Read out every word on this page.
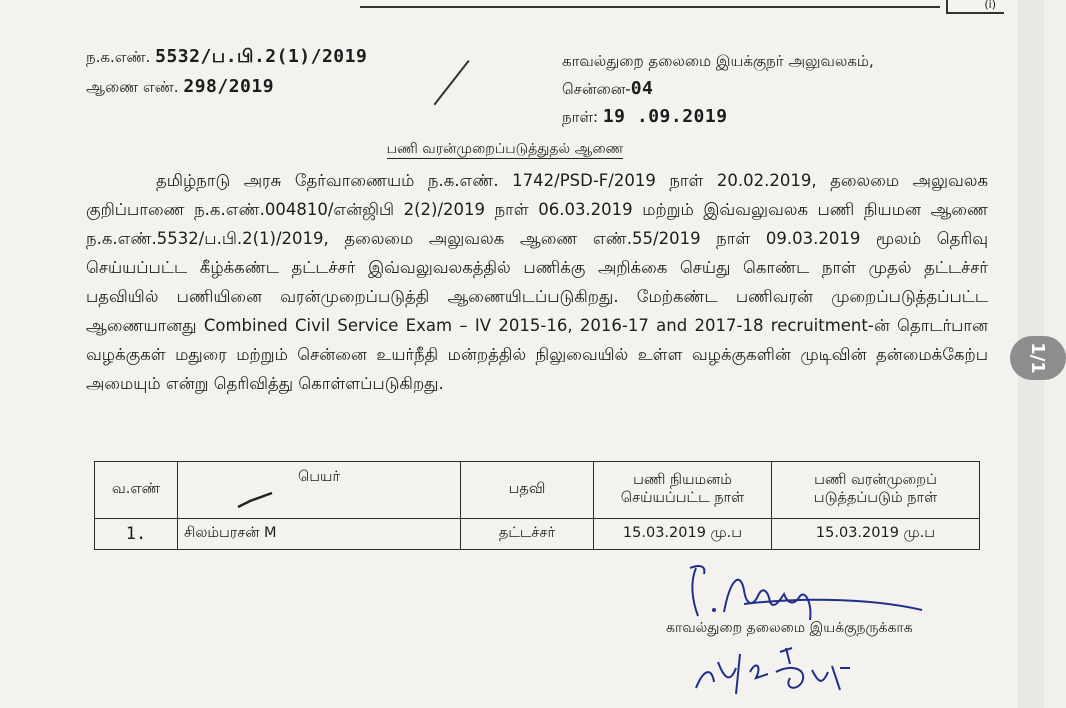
(i)
ந.க.எண். 5532/ப.பி.2(1)/2019
ஆணை எண். 298/2019
காவல்துறை தலைமை இயக்குநர் அலுவலகம்,
சென்னை-04
நாள்: 19 .09.2019
பணி வரன்முறைப்படுத்துதல் ஆணை

தமிழ்நாடு அரசு தேர்வாணையம் ந.க.எண். 1742/PSD-F/2019 நாள் 20.02.2019, தலைமை அலுவலக குறிப்பாணை ந.க.எண்.004810/என்ஜிபி 2(2)/2019 நாள் 06.03.2019 மற்றும் இவ்வலுவலக பணி நியமன ஆணை ந.க.எண்.5532/ப.பி.2(1)/2019, தலைமை அலுவலக ஆணை எண்.55/2019 நாள் 09.03.2019 மூலம் தெரிவு செய்யப்பட்ட கீழ்க்கண்ட தட்டச்சர் இவ்வலுவலகத்தில் பணிக்கு அறிக்கை செய்து கொண்ட நாள் முதல் தட்டச்சர் பதவியில் பணியினை வரன்முறைப்படுத்தி ஆணையிடப்படுகிறது. மேற்கண்ட பணிவரன் முறைப்படுத்தப்பட்ட ஆணையானது Combined Civil Service Exam – IV 2015-16, 2016-17 and 2017-18 recruitment-ன் தொடர்பான வழக்குகள் மதுரை மற்றும் சென்னை உயர்நீதி மன்றத்தில் நிலுவையில் உள்ள வழக்குகளின் முடிவின் தன்மைக்கேற்ப அமையும் என்று தெரிவித்து கொள்ளப்படுகிறது.

வ.எண்	பெயர்	பதவி	பணி நியமனம் செய்யப்பட்ட நாள்	பணி வரன்முறைப் படுத்தப்படும் நாள்
1.	சிலம்பரசன் M	தட்டச்சர்	15.03.2019 மு.ப	15.03.2019 மு.ப
காவல்துறை தலைமை இயக்குநருக்காக
1/1
